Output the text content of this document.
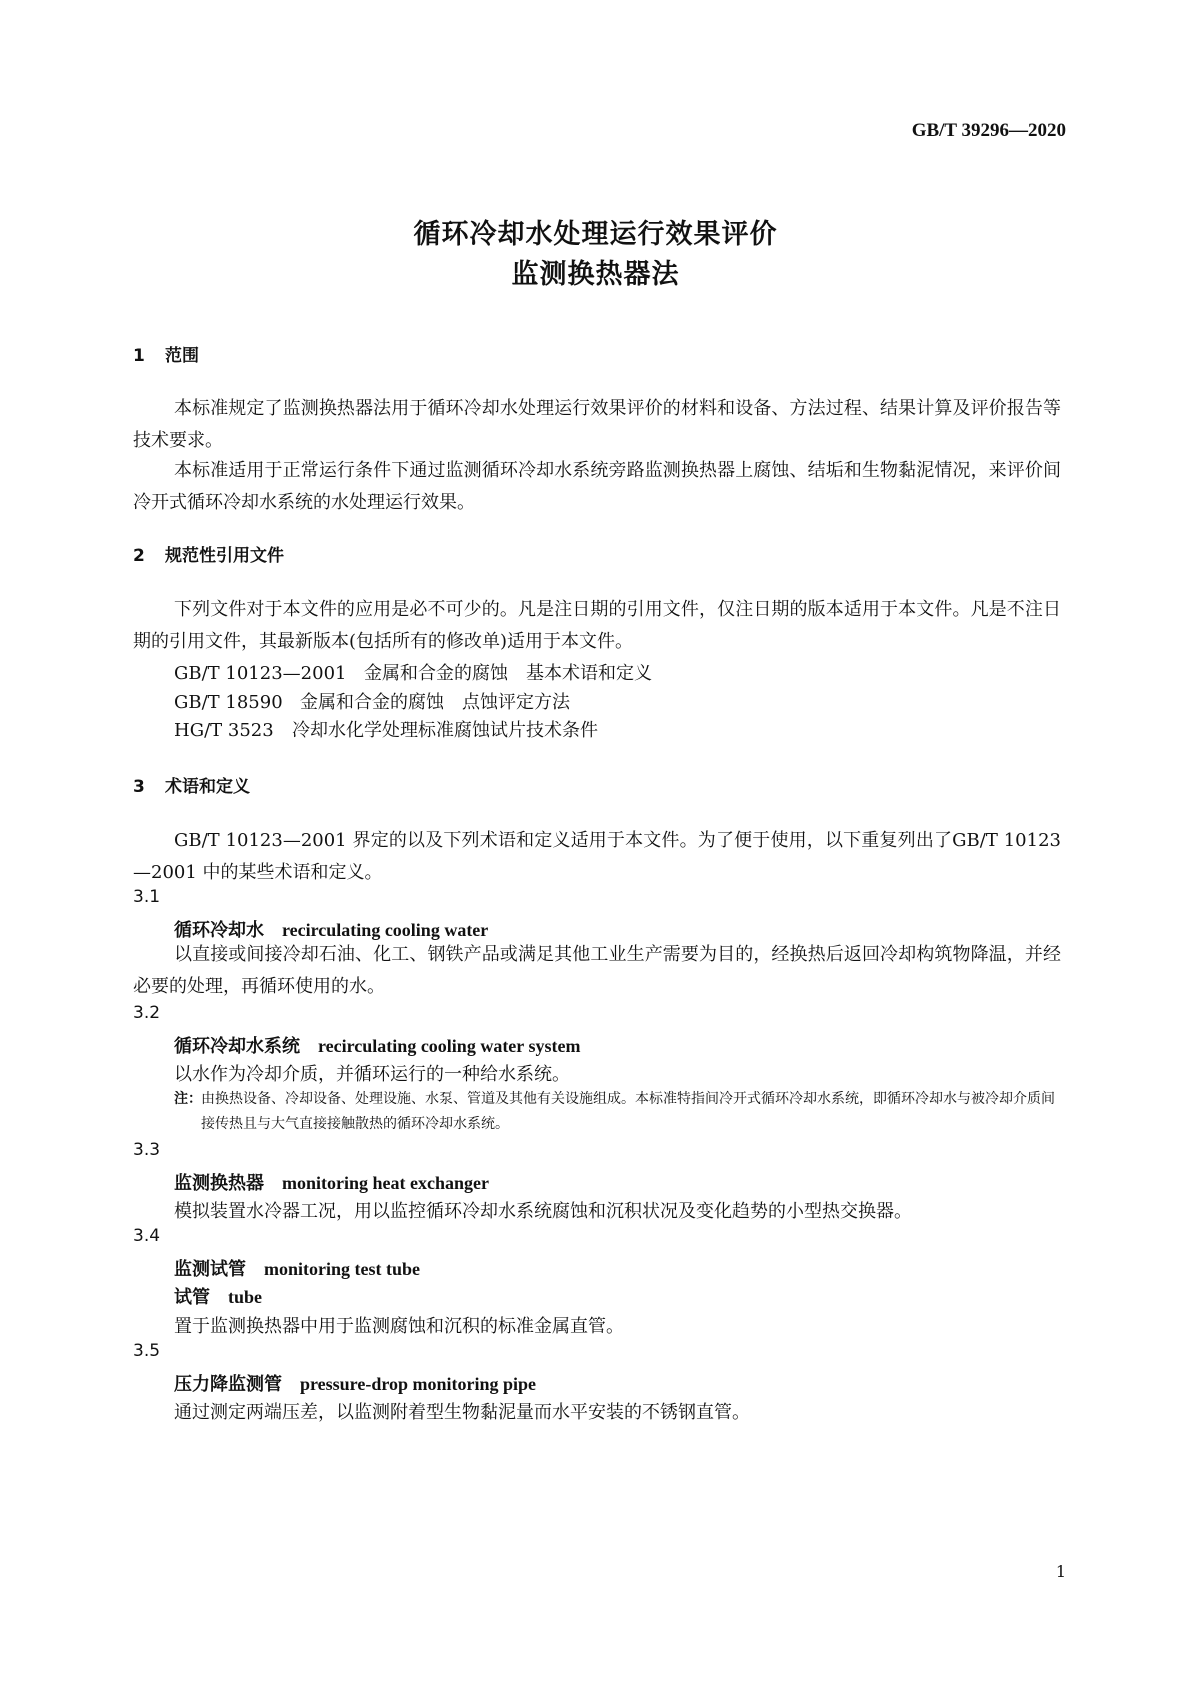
GB/T 39296—2020
循环冷却水处理运行效果评价
监测换热器法
1 范围
本标准规定了监测换热器法用于循环冷却水处理运行效果评价的材料和设备、方法过程、结果计算及评价报告等技术要求。
本标准适用于正常运行条件下通过监测循环冷却水系统旁路监测换热器上腐蚀、结垢和生物黏泥情况，来评价间冷开式循环冷却水系统的水处理运行效果。
2 规范性引用文件
下列文件对于本文件的应用是必不可少的。凡是注日期的引用文件，仅注日期的版本适用于本文件。凡是不注日期的引用文件，其最新版本(包括所有的修改单)适用于本文件。
GB/T 10123—2001 金属和合金的腐蚀　基本术语和定义
GB/T 18590 金属和合金的腐蚀　点蚀评定方法
HG/T 3523 冷却水化学处理标准腐蚀试片技术条件
3 术语和定义
GB/T 10123—2001 界定的以及下列术语和定义适用于本文件。为了便于使用，以下重复列出了GB/T 10123—2001 中的某些术语和定义。
3.1
循环冷却水 recirculating cooling water
以直接或间接冷却石油、化工、钢铁产品或满足其他工业生产需要为目的，经换热后返回冷却构筑物降温，并经必要的处理，再循环使用的水。
3.2
循环冷却水系统 recirculating cooling water system
以水作为冷却介质，并循环运行的一种给水系统。
注： 由换热设备、冷却设备、处理设施、水泵、管道及其他有关设施组成。本标准特指间冷开式循环冷却水系统，即循环冷却水与被冷却介质间接传热且与大气直接接触散热的循环冷却水系统。
3.3
监测换热器 monitoring heat exchanger
模拟装置水冷器工况，用以监控循环冷却水系统腐蚀和沉积状况及变化趋势的小型热交换器。
3.4
监测试管 monitoring test tube
试管 tube
置于监测换热器中用于监测腐蚀和沉积的标准金属直管。
3.5
压力降监测管 pressure-drop monitoring pipe
通过测定两端压差，以监测附着型生物黏泥量而水平安装的不锈钢直管。
1
